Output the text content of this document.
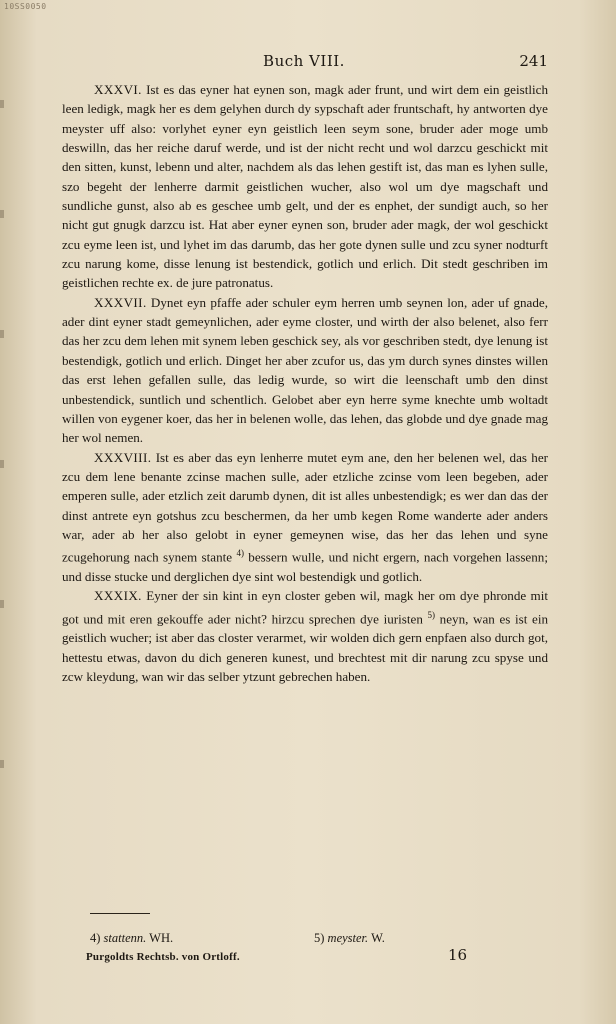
10SS0050
Buch VIII.	241

XXXVI. Ist es das eyner hat eynen son, magk ader frunt, und wirt dem ein geistlich leen ledigk, magk her es dem gelyhen durch dy sypschaft ader fruntschaft, hy antworten dye meyster uff also: vorlyhet eyner eyn geistlich leen seym sone, bruder ader moge umb deswilln, das her reiche daruf werde, und ist der nicht recht und wol darzcu geschickt mit den sitten, kunst, lebenn und alter, nachdem als das lehen gestift ist, das man es lyhen sulle, szo begeht der lenherre darmit geistlichen wucher, also wol um dye magschaft und sundliche gunst, also ab es geschee umb gelt, und der es enphet, der sundigt auch, so her nicht gut gnugk darzcu ist. Hat aber eyner eynen son, bruder ader magk, der wol geschickt zcu eyme leen ist, und lyhet im das darumb, das her gote dynen sulle und zcu syner nodturft zcu narung kome, disse lenung ist bestendick, gotlich und erlich. Dit stedt geschriben im geistlichen rechte ex. de jure patronatus.

XXXVII. Dynet eyn pfaffe ader schuler eym herren umb seynen lon, ader uf gnade, ader dint eyner stadt gemeynlichen, ader eyme closter, und wirth der also belenet, also ferr das her zcu dem lehen mit synem leben geschick sey, als vor geschriben stedt, dye lenung ist bestendigk, gotlich und erlich. Dinget her aber zcufor us, das ym durch synes dinstes willen das erst lehen gefallen sulle, das ledig wurde, so wirt die leenschaft umb den dinst unbestendick, suntlich und schentlich. Gelobet aber eyn herre syme knechte umb woltadt willen von eygener koer, das her in belenen wolle, das lehen, das globde und dye gnade mag her wol nemen.

XXXVIII. Ist es aber das eyn lenherre mutet eym ane, den her belenen wel, das her zcu dem lene benante zcinse machen sulle, ader etzliche zcinse vom leen begeben, ader emperen sulle, ader etzlich zeit darumb dynen, dit ist alles unbestendigk; es wer dan das der dinst antrete eyn gotshus zcu beschermen, da her umb kegen Rome wanderte ader anders war, ader ab her also gelobt in eyner gemeynen wise, das her das lehen und syne zcugehorung nach synem stante $^{4)}$ bessern wulle, und nicht ergern, nach vorgehen lassenn; und disse stucke und derglichen dye sint wol bestendigk und gotlich.

XXXIX. Eyner der sin kint in eyn closter geben wil, magk her om dye phronde mit got und mit eren gekouffe ader nicht? hirzcu sprechen dye iuristen $^{5)}$ neyn, wan es ist ein geistlich wucher; ist aber das closter verarmet, wir wolden dich gern enpfaen also durch got, hettestu etwas, davon du dich generen kunest, und brechtest mit dir narung zcu spyse und zcw kleydung, wan wir das selber ytzunt gebrechen haben.

4) stattenn. WH.	5) meyster. W.
Purgoldts Rechtsb. von Ortloff.	16
